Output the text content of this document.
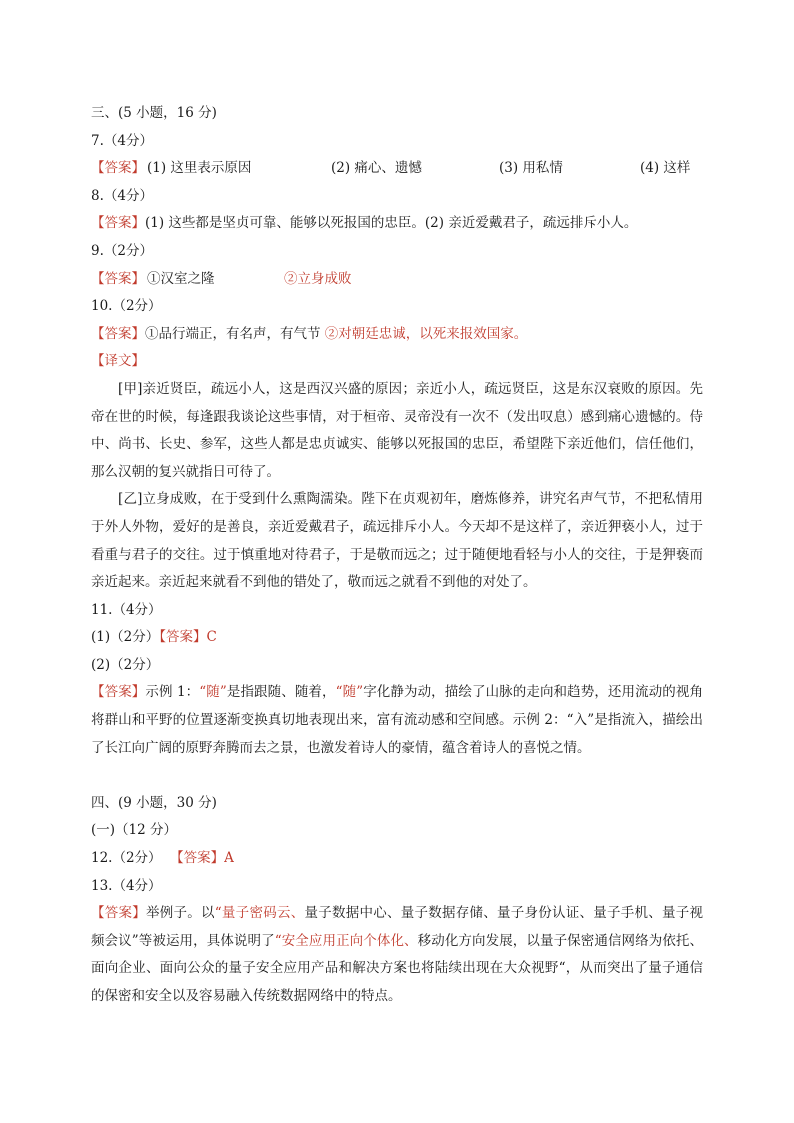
三、(5 小题，16 分)
7.（4分）
【答案】 (1) 这里表示原因	(2) 痛心、遗憾	(3) 用私情	(4) 这样
8.（4分）
【答案】(1) 这些都是坚贞可靠、能够以死报国的忠臣。(2) 亲近爱戴君子，疏远排斥小人。
9.（2分）
【答案】 ①汉室之隆	②立身成败
10.（2分）
【答案】①品行端正，有名声，有气节 ②对朝廷忠诚，以死来报效国家。
【译文】
[甲]亲近贤臣，疏远小人，这是西汉兴盛的原因；亲近小人，疏远贤臣，这是东汉衰败的原因。先帝在世的时候，每逢跟我谈论这些事情，对于桓帝、灵帝没有一次不（发出叹息）感到痛心遗憾的。侍中、尚书、长史、参军，这些人都是忠贞诚实、能够以死报国的忠臣，希望陛下亲近他们，信任他们，那么汉朝的复兴就指日可待了。
[乙]立身成败，在于受到什么熏陶濡染。陛下在贞观初年，磨炼修养，讲究名声气节，不把私情用于外人外物，爱好的是善良，亲近爱戴君子，疏远排斥小人。今天却不是这样了，亲近狎亵小人，过于看重与君子的交往。过于慎重地对待君子，于是敬而远之；过于随便地看轻与小人的交往，于是狎亵而亲近起来。亲近起来就看不到他的错处了，敬而远之就看不到他的对处了。
11.（4分）
(1)（2分）【答案】C
(2)（2分）
【答案】示例 1：“随”是指跟随、随着，“随”字化静为动，描绘了山脉的走向和趋势，还用流动的视角将群山和平野的位置逐渐变换真切地表现出来，富有流动感和空间感。示例 2：“入”是指流入，描绘出了长江向广阔的原野奔腾而去之景，也激发着诗人的豪情，蕴含着诗人的喜悦之情。
四、(9 小题，30 分)
(一)（12 分）
12.（2分） 【答案】A
13.（4分）
【答案】举例子。以“量子密码云、量子数据中心、量子数据存储、量子身份认证、量子手机、量子视频会议”等被运用，具体说明了“安全应用正向个体化、移动化方向发展，以量子保密通信网络为依托、面向企业、面向公众的量子安全应用产品和解决方案也将陆续出现在大众视野“，从而突出了量子通信的保密和安全以及容易融入传统数据网络中的特点。
